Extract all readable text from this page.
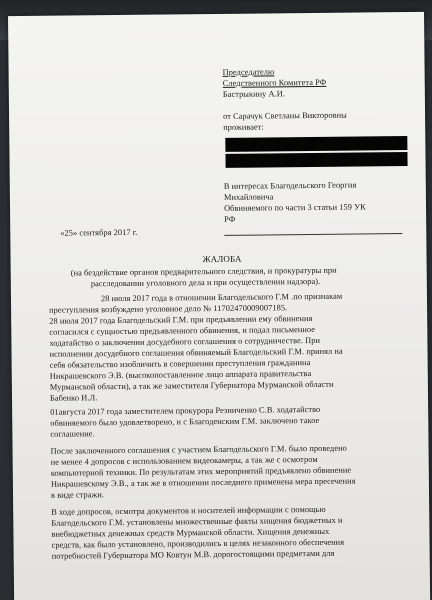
Председателю
Следственного Комитета РФ
Бастрыкину А.И.
от Сарачук Светланы Викторовны
проживает:
В интересах Благодельского Георгия
Михайловича
Обвиняемого по части 3 статьи 159 УК
РФ
«25» сентября 2017 г.
ЖАЛОБА
(на бездействие органов предварительного следствия, и прокуратуры при
расследовании уголовного дела и при осуществлении надзора).
28 июля 2017 года в отношении Благодельского Г.М .по признакам
преступления возбуждено уголовное дело № 11702470009007185.
28 июля 2017 года Благодельский Г.М. при предъявлении ему обвинения
согласился с сущностью предъявленного обвинения, и подал письменное
ходатайство о заключении досудебного соглашения о сотрудничестве. При
исполнении досудебного соглашения обвиняемый Благодельский Г.М. принял на
себя обязательство изобличить в совершении преступления гражданина
Никрашевского Э.В. (высокопоставленное лицо аппарата правительства
Мурманской области), а так же заместителя Губернатора Мурманской области
Бабенко И.Л.
01августа 2017 года заместителем прокурора Резниченко С.В. ходатайство
обвиняемого было удовлетворено, и с Благоденским Г.М. заключено такое
соглашение.
После заключенного соглашения с участием Благодельского Г.М. было проведено
не менее 4 допросов с использованием видеокамеры, а так же с осмотром
компьютерной техники. По результатам этих мероприятий предъявлено обвинение
Никрашевскому Э.В., а так же в отношении последнего применена мера пресечения
в виде стражи.
В ходе допросов, осмотра документов и носителей информации с помощью
Благодельского Г.М. установлены множественные факты хищения бюджетных и
внебюджетных денежных средств Мурманской области. Хищения денежных
средств, как было установлено, производились в целях незаконного обеспечения
потребностей Губернатора МО Ковтун М.В. дорогостоящими предметами для
